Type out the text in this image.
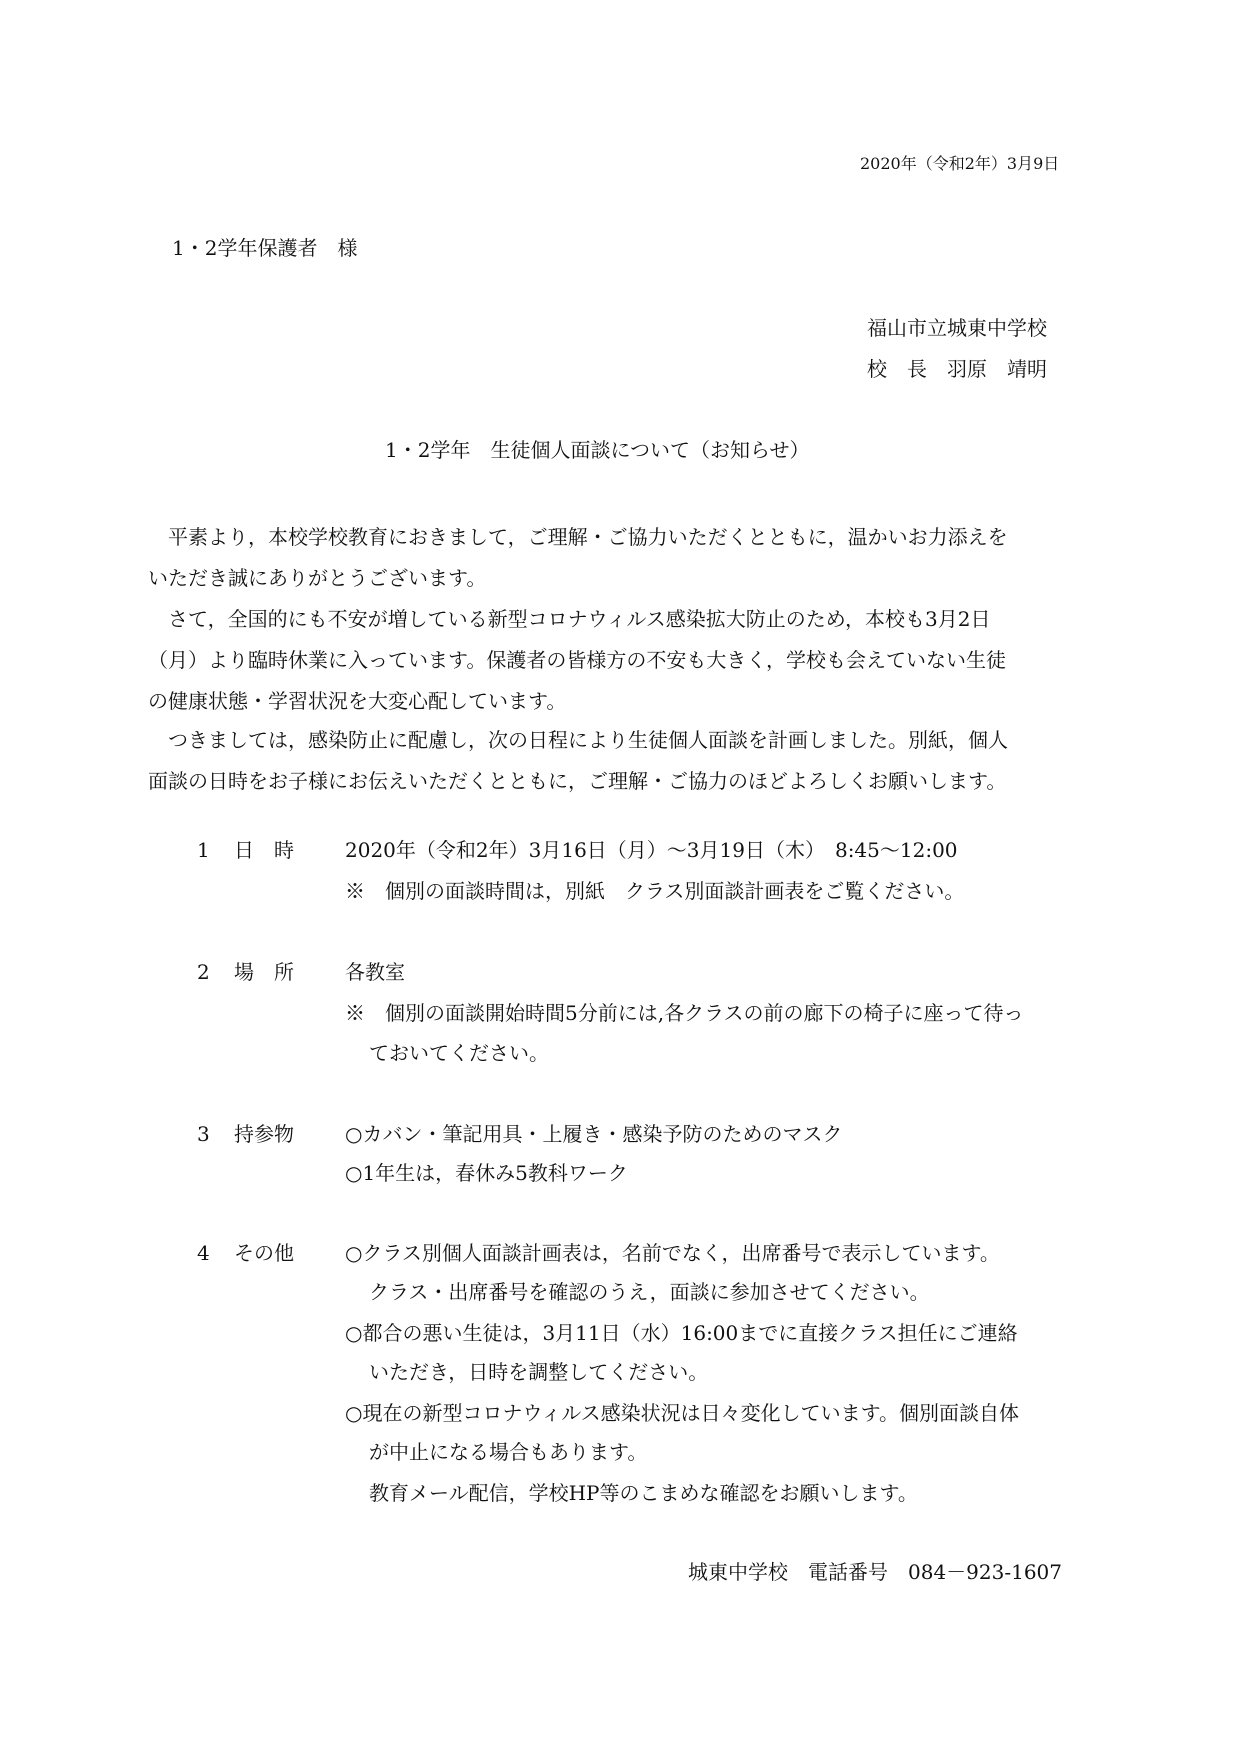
2020年（令和2年）3月9日
1・2学年保護者　様
福山市立城東中学校
校　長　羽原　靖明
1・2学年　生徒個人面談について（お知らせ）
　平素より，本校学校教育におきまして，ご理解・ご協力いただくとともに，温かいお力添えを
いただき誠にありがとうございます。
　さて，全国的にも不安が増している新型コロナウィルス感染拡大防止のため，本校も3月2日
（月）より臨時休業に入っています。保護者の皆様方の不安も大きく，学校も会えていない生徒
の健康状態・学習状況を大変心配しています。
　つきましては，感染防止に配慮し，次の日程により生徒個人面談を計画しました。別紙，個人
面談の日時をお子様にお伝えいただくとともに，ご理解・ご協力のほどよろしくお願いします。
1 日　時	2020年（令和2年）3月16日（月）～3月19日（木）　8:45～12:00
※　個別の面談時間は，別紙　クラス別面談計画表をご覧ください。
2 場　所	各教室
※　個別の面談開始時間5分前には,各クラスの前の廊下の椅子に座って待っ
ておいてください。
3 持参物	○カバン・筆記用具・上履き・感染予防のためのマスク
○1年生は，春休み5教科ワーク
4 その他	○クラス別個人面談計画表は，名前でなく，出席番号で表示しています。
クラス・出席番号を確認のうえ，面談に参加させてください。
○都合の悪い生徒は，3月11日（水）16:00までに直接クラス担任にご連絡
いただき，日時を調整してください。
○現在の新型コロナウィルス感染状況は日々変化しています。個別面談自体
が中止になる場合もあります。
教育メール配信，学校HP等のこまめな確認をお願いします。
城東中学校　電話番号　084－923-1607
